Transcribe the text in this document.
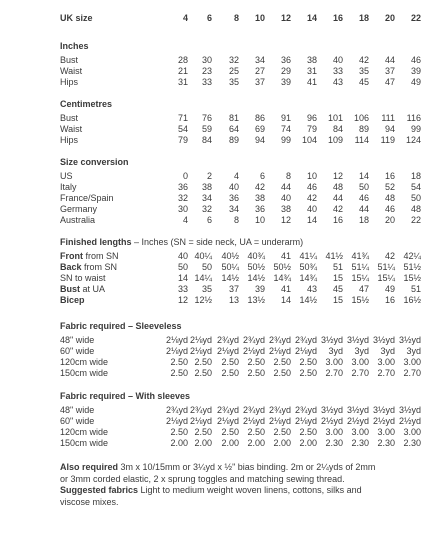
UK size	4 6 8 10 12 14 16 18 20 22
Inches
Bust	28 30 32 34 36 38 40 42 44 46
Waist	21 23 25 27 29 31 33 35 37 39
Hips	31 33 35 37 39 41 43 45 47 49
Centimetres
Bust	71 76 81 86 91 96 101 106 111 116
Waist	54 59 64 69 74 79 84 89 94 99
Hips	79 84 89 94 99 104 109 114 119 124
Size conversion
US	0 2 4 6 8 10 12 14 16 18
Italy	36 38 40 42 44 46 48 50 52 54
France/Spain	32 34 36 38 40 42 44 46 48 50
Germany	30 32 34 36 38 40 42 44 46 48
Australia	4 6 8 10 12 14 16 18 20 22
Finished lengths – Inches (SN = side neck, UA = underarm)
Front from SN	40 40¼ 40½ 40¾ 41 41¼ 41½ 41¾ 42 42¼
Back from SN	50 50 50¼ 50½ 50½ 50¾ 51 51¼ 51¼ 51½
SN to waist	14 14¼ 14½ 14½ 14¾ 14¾ 15 15¼ 15¼ 15½
Bust at UA	33 35 37 39 41 43 45 47 49 51
Bicep	12 12½ 13 13½ 14 14½ 15 15½ 16 16½
Fabric required – Sleeveless
48" wide	2⅛yd 2⅛yd 2¾yd 2¾yd 2¾yd 2¾yd 3½yd 3½yd 3½yd 3½yd
60" wide	2⅛yd 2⅛yd 2⅛yd 2⅛yd 2⅛yd 2⅛yd 3yd 3yd 3yd 3yd
120cm wide	2.50 2.50 2.50 2.50 2.50 2.50 3.00 3.00 3.00 3.00
150cm wide	2.50 2.50 2.50 2.50 2.50 2.50 2.70 2.70 2.70 2.70
Fabric required – With sleeves
48" wide	2¾yd 2¾yd 2¾yd 2¾yd 2¾yd 2¾yd 3½yd 3½yd 3½yd 3½yd
60" wide	2⅛yd 2⅛yd 2⅛yd 2⅛yd 2⅛yd 2⅛yd 2½yd 2½yd 2½yd 2½yd
120cm wide	2.50 2.50 2.50 2.50 2.50 2.50 3.00 3.00 3.00 3.00
150cm wide	2.00 2.00 2.00 2.00 2.00 2.00 2.30 2.30 2.30 2.30
Also required 3m x 10/15mm or 3¼yd x ½" bias binding. 2m or 2¼yds of 2mm or 3mm corded elastic, 2 x sprung toggles and matching sewing thread.
Suggested fabrics Light to medium weight woven linens, cottons, silks and viscose mixes.
